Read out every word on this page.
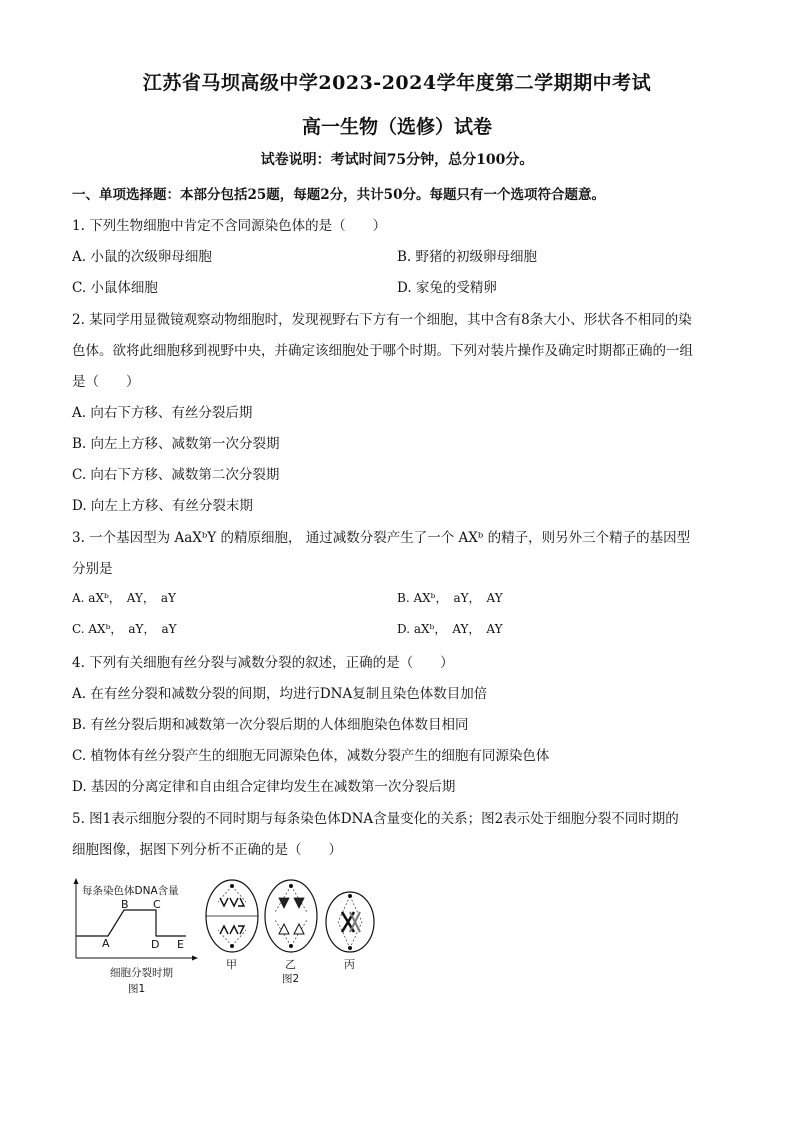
江苏省马坝高级中学2023-2024学年度第二学期期中考试
高一生物（选修）试卷
试卷说明：考试时间75分钟，总分100分。
一、单项选择题：本部分包括25题，每题2分，共计50分。每题只有一个选项符合题意。
1. 下列生物细胞中肯定不含同源染色体的是（　　）
A. 小鼠的次级卵母细胞	B. 野猪的初级卵母细胞
C. 小鼠体细胞	D. 家兔的受精卵
2. 某同学用显微镜观察动物细胞时，发现视野右下方有一个细胞，其中含有8条大小、形状各不相同的染
色体。欲将此细胞移到视野中央，并确定该细胞处于哪个时期。下列对装片操作及确定时期都正确的一组
是（　　）
A. 向右下方移、有丝分裂后期
B. 向左上方移、减数第一次分裂期
C. 向右下方移、减数第二次分裂期
D. 向左上方移、有丝分裂末期
3. 一个基因型为 AaXᵇY 的精原细胞， 通过减数分裂产生了一个 AXᵇ 的精子，则另外三个精子的基因型
分别是
A. aXᵇ，　AY，　aY	B. AXᵇ，　aY，　AY
C. AXᵇ，　aY，　aY	D. aXᵇ，　AY，　AY
4. 下列有关细胞有丝分裂与减数分裂的叙述，正确的是（　　）
A. 在有丝分裂和减数分裂的间期，均进行DNA复制且染色体数目加倍
B. 有丝分裂后期和减数第一次分裂后期的人体细胞染色体数目相同
C. 植物体有丝分裂产生的细胞无同源染色体，减数分裂产生的细胞有同源染色体
D. 基因的分离定律和自由组合定律均发生在减数第一次分裂后期
5. 图1表示细胞分裂的不同时期与每条染色体DNA含量变化的关系；图2表示处于细胞分裂不同时期的
细胞图像，据图下列分析不正确的是（　　）
每条染色体DNA含量
A
B C
D E
细胞分裂时期
图1
甲	乙
图2
丙
